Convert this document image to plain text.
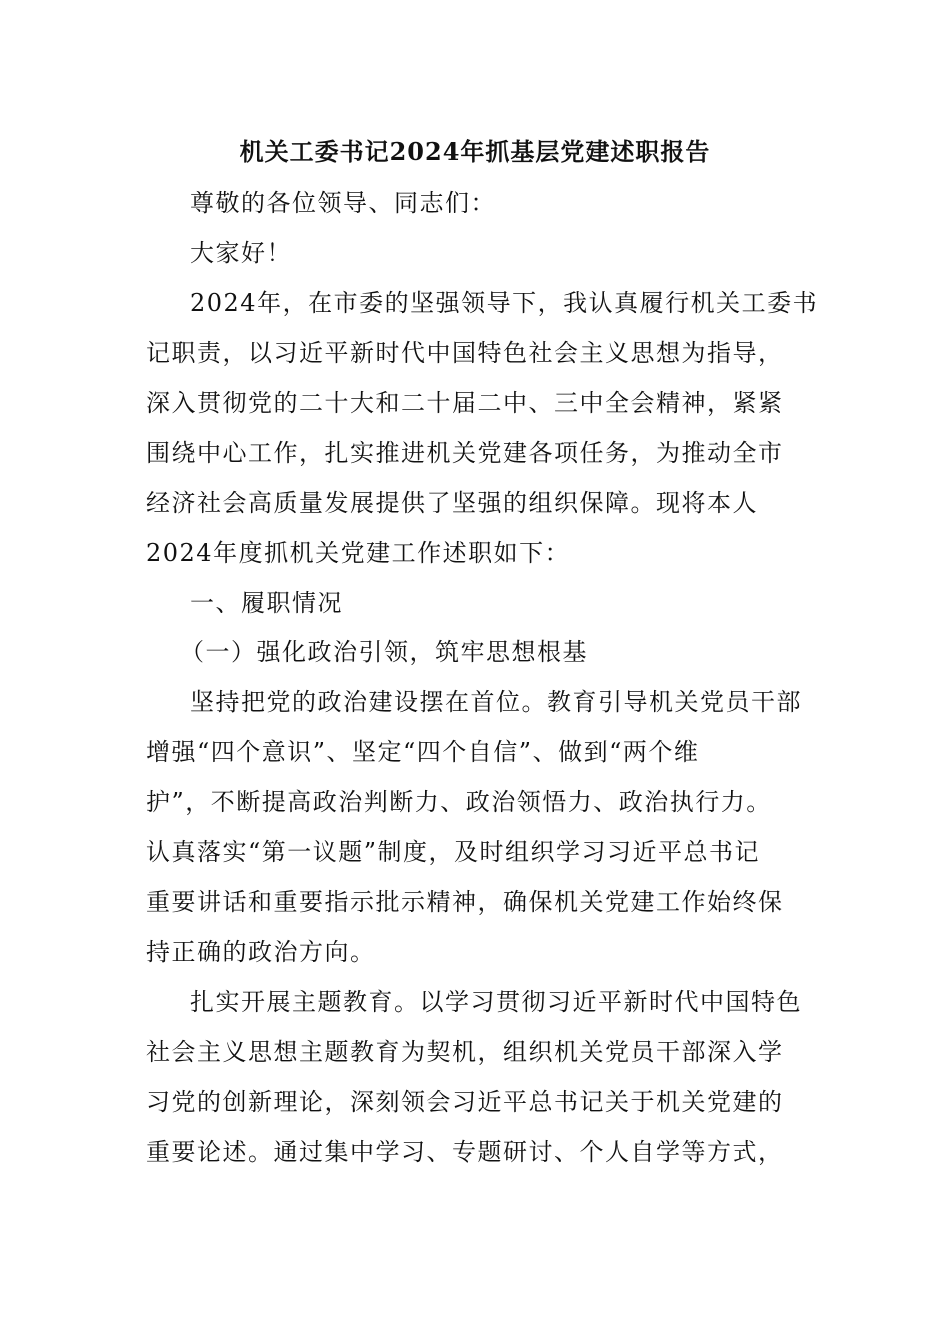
机关工委书记2024年抓基层党建述职报告
尊敬的各位领导、同志们：
大家好！
2024年，在市委的坚强领导下，我认真履行机关工委书
记职责，以习近平新时代中国特色社会主义思想为指导，
深入贯彻党的二十大和二十届二中、三中全会精神，紧紧
围绕中心工作，扎实推进机关党建各项任务，为推动全市
经济社会高质量发展提供了坚强的组织保障。现将本人
2024年度抓机关党建工作述职如下：
一、履职情况
（一）强化政治引领，筑牢思想根基
坚持把党的政治建设摆在首位。教育引导机关党员干部
增强“四个意识”、坚定“四个自信”、做到“两个维
护”，不断提高政治判断力、政治领悟力、政治执行力。
认真落实“第一议题”制度，及时组织学习习近平总书记
重要讲话和重要指示批示精神，确保机关党建工作始终保
持正确的政治方向。
扎实开展主题教育。以学习贯彻习近平新时代中国特色
社会主义思想主题教育为契机，组织机关党员干部深入学
习党的创新理论，深刻领会习近平总书记关于机关党建的
重要论述。通过集中学习、专题研讨、个人自学等方式，
